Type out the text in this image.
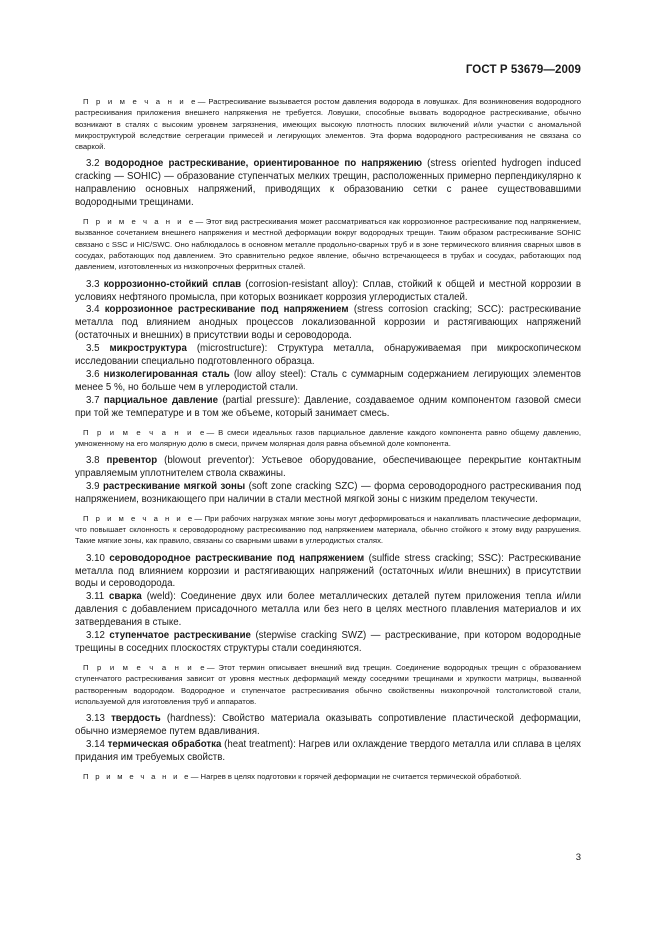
ГОСТ Р 53679—2009

П р и м е ч а н и е— Растрескивание вызывается ростом давления водорода в ловушках. Для возникновения водородного растрескивания приложения внешнего напряжения не требуется. Ловушки, способные вызвать водородное растрескивание, обычно возникают в сталях с высоким уровнем загрязнения, имеющих высокую плотность плоских включений и/или участки с аномальной микроструктурой вследствие сегрегации примесей и легирующих элементов. Эта форма водородного растрескивания не связана со сваркой.

3.2 водородное растрескивание, ориентированное по напряжению (stress oriented hydrogen induced cracking — SOHIC) — образование ступенчатых мелких трещин, расположенных примерно перпендикулярно к направлению основных напряжений, приводящих к образованию сетки с ранее существовавшими водородными трещинами.

П р и м е ч а н и е— Этот вид растрескивания может рассматриваться как коррозионное растрескивание под напряжением, вызванное сочетанием внешнего напряжения и местной деформации вокруг водородных трещин. Таким образом растрескивание SOHIC связано с SSC и HIC/SWC. Оно наблюдалось в основном металле продольно-сварных труб и в зоне термического влияния сварных швов в сосудах, работающих под давлением. Это сравнительно редкое явление, обычно встречающееся в трубах и сосудах, работающих под давлением, изготовленных из низкопрочных ферритных сталей.

3.3 коррозионно-стойкий сплав (corrosion-resistant alloy): Сплав, стойкий к общей и местной коррозии в условиях нефтяного промысла, при которых возникает коррозия углеродистых сталей.

3.4 коррозионное растрескивание под напряжением (stress corrosion cracking; SCC): растрескивание металла под влиянием анодных процессов локализованной коррозии и растягивающих напряжений (остаточных и внешних) в присутствии воды и сероводорода.

3.5 микроструктура (microstructure): Структура металла, обнаруживаемая при микроскопическом исследовании специально подготовленного образца.

3.6 низколегированная сталь (low alloy steel): Сталь с суммарным содержанием легирующих элементов менее 5 %, но больше чем в углеродистой стали.

3.7 парциальное давление (partial pressure): Давление, создаваемое одним компонентом газовой смеси при той же температуре и в том же объеме, который занимает смесь.

П р и м е ч а н и е— В смеси идеальных газов парциальное давление каждого компонента равно общему давлению, умноженному на его молярную долю в смеси, причем молярная доля равна объемной доле компонента.

3.8 превентор (blowout preventor): Устьевое оборудование, обеспечивающее перекрытие контактным управляемым уплотнителем ствола скважины.

3.9 растрескивание мягкой зоны (soft zone cracking SZC) — форма сероводородного растрескивания под напряжением, возникающего при наличии в стали местной мягкой зоны с низким пределом текучести.

П р и м е ч а н и е— При рабочих нагрузках мягкие зоны могут деформироваться и накапливать пластические деформации, что повышает склонность к сероводородному растрескиванию под напряжением материала, обычно стойкого к этому виду разрушения. Такие мягкие зоны, как правило, связаны со сварными швами в углеродистых сталях.

3.10 сероводородное растрескивание под напряжением (sulfide stress cracking; SSC): Растрескивание металла под влиянием коррозии и растягивающих напряжений (остаточных и/или внешних) в присутствии воды и сероводорода.

3.11 сварка (weld): Соединение двух или более металлических деталей путем приложения тепла и/или давления с добавлением присадочного металла или без него в целях местного плавления материалов и их затвердевания в стыке.

3.12 ступенчатое растрескивание (stepwise cracking SWZ) — растрескивание, при котором водородные трещины в соседних плоскостях структуры стали соединяются.

П р и м е ч а н и е— Этот термин описывает внешний вид трещин. Соединение водородных трещин с образованием ступенчатого растрескивания зависит от уровня местных деформаций между соседними трещинами и хрупкости матрицы, вызванной растворенным водородом. Водородное и ступенчатое растрескивания обычно свойственны низкопрочной толстолистовой стали, используемой для изготовления труб и аппаратов.

3.13 твердость (hardness): Свойство материала оказывать сопротивление пластической деформации, обычно измеряемое путем вдавливания.

3.14 термическая обработка (heat treatment): Нагрев или охлаждение твердого металла или сплава в целях придания им требуемых свойств.

П р и м е ч а н и е— Нагрев в целях подготовки к горячей деформации не считается термической обработкой.

3
